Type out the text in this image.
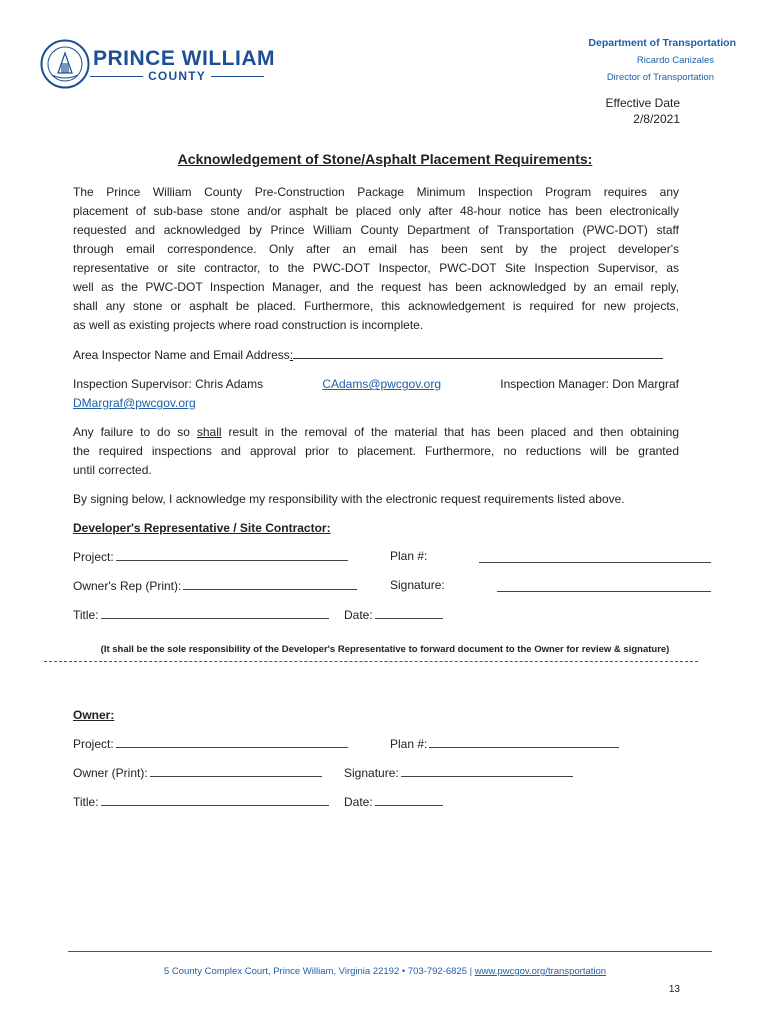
PRINCE WILLIAM
COUNTY
Department of Transportation
Ricardo Canizales
Director of Transportation
Effective Date
2/8/2021
Acknowledgement of Stone/Asphalt Placement Requirements:
The Prince William County Pre-Construction Package Minimum Inspection Program requires any
placement of sub-base stone and/or asphalt be placed only after 48-hour notice has been electronically
requested and acknowledged by Prince William County Department of Transportation (PWC-DOT) staff
through email correspondence. Only after an email has been sent by the project developer's
representative or site contractor, to the PWC-DOT Inspector, PWC-DOT Site Inspection Supervisor, as
well as the PWC-DOT Inspection Manager, and the request has been acknowledged by an email reply,
shall any stone or asphalt be placed. Furthermore, this acknowledgement is required for new projects,
as well as existing projects where road construction is incomplete.
Area Inspector Name and Email Address:
Inspection Supervisor: Chris Adams	CAdams@pwcgov.org	Inspection Manager: Don Margraf
DMargraf@pwcgov.org
Any failure to do so shall result in the removal of the material that has been placed and then obtaining
the required inspections and approval prior to placement. Furthermore, no reductions will be granted
until corrected.
By signing below, I acknowledge my responsibility with the electronic request requirements listed above.
Developer's Representative / Site Contractor:
Project:	Plan #:
Owner's Rep (Print):	Signature:
Title:	Date:
(It shall be the sole responsibility of the Developer's Representative to forward document to the Owner for review & signature)
Owner:
Project:	Plan #:
Owner (Print):	Signature:
Title:	Date:
5 County Complex Court, Prince William, Virginia 22192 • 703-792-6825 | www.pwcgov.org/transportation
13
